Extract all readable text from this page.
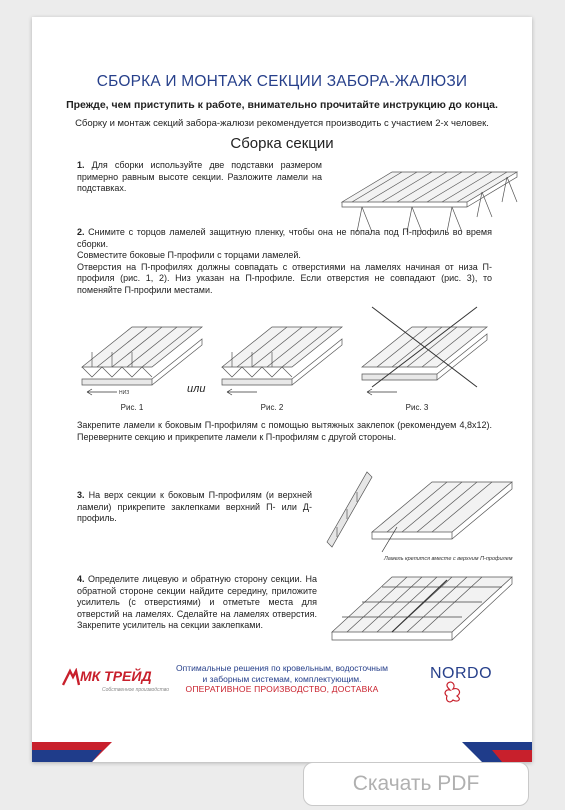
СБОРКА И МОНТАЖ СЕКЦИИ ЗАБОРА-ЖАЛЮЗИ
Прежде, чем приступить к работе, внимательно прочитайте инструкцию до конца.
Сборку и монтаж секций забора-жалюзи рекомендуется производить с участием 2-х человек.
Сборка секции
1. Для сборки используйте две подставки размером примерно равным высоте секции. Разложите ламели на подставках.
2. Снимите с торцов ламелей защитную пленку, чтобы она не попала под П-профиль во время сборки.
Совместите боковые П-профили с торцами ламелей.
Отверстия на П-профилях должны совпадать с отверстиями на ламелях начиная от низа П-профиля (рис. 1, 2). Низ указан на П-профиле. Если отверстия не совпадают (рис. 3), то поменяйте П-профили местами.
НИЗ
Рис. 1
или
Рис. 2	Рис. 3
Закрепите ламели к боковым П-профилям с помощью вытяжных заклепок (рекомендуем 4,8х12). Переверните секцию и прикрепите ламели к П-профилям с другой стороны.
3. На верх секции к боковым П-профилям (и верхней ламели) прикрепите заклепками верхний П- или Д-профиль.
Ламель крепится вместе с верхним П-профилем
4. Определите лицевую и обратную сторону секции. На обратной стороне секции найдите середину, приложите усилитель (с отверстиями) и отметьте места для отверстий на ламелях. Сделайте на ламелях отверстия. Закрепите усилитель на секции заклепками.
МК ТРЕЙД
Собственное производство
Оптимальные решения по кровельным, водосточным
и заборным системам, комплектующим.
ОПЕРАТИВНОЕ ПРОИЗВОДСТВО, ДОСТАВКА
NORDO
Скачать PDF
